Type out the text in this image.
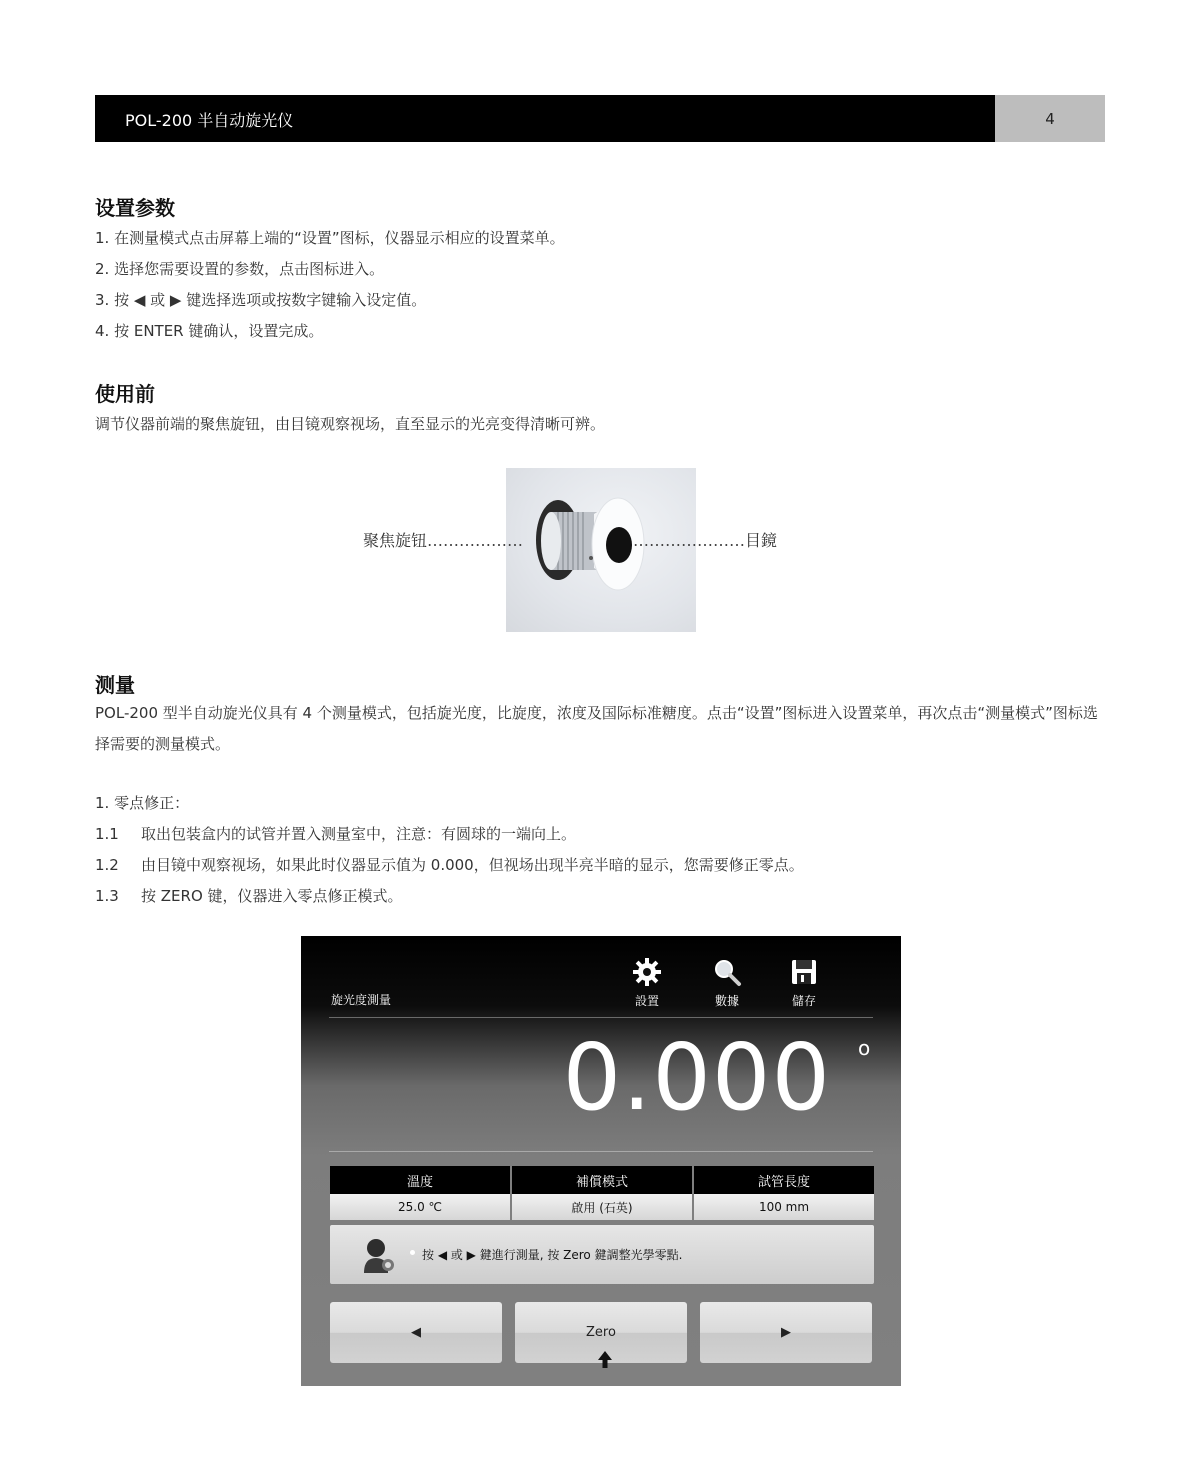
POL-200 半自动旋光仪	4
设置参数
1. 在测量模式点击屏幕上端的“设置”图标，仪器显示相应的设置菜单。
2. 选择您需要设置的参数，点击图标进入。
3. 按 ◀ 或 ▶ 键选择选项或按数字键输入设定值。
4. 按 ENTER 键确认，设置完成。
使用前
调节仪器前端的聚焦旋钮，由目镜观察视场，直至显示的光亮变得清晰可辨。
聚焦旋钮………………	…………………目鏡
测量
POL-200 型半自动旋光仪具有 4 个测量模式，包括旋光度，比旋度，浓度及国际标准糖度。点击“设置”图标进入设置菜单，再次点击“测量模式”图标选择需要的测量模式。
1. 零点修正：
1.1 取出包装盒内的试管并置入测量室中，注意：有圆球的一端向上。
1.2 由目镜中观察视场，如果此时仪器显示值为 0.000，但视场出现半亮半暗的显示，您需要修正零点。
1.3 按 ZERO 键，仪器进入零点修正模式。
旋光度測量	設置	數據	儲存
0.000 o
溫度	補償模式	試管長度
25.0 ℃	啟用 (石英)	100 mm
按 ◀ 或 ▶ 鍵進行測量, 按 Zero 鍵調整光學零點.
◀	Zero	▶
